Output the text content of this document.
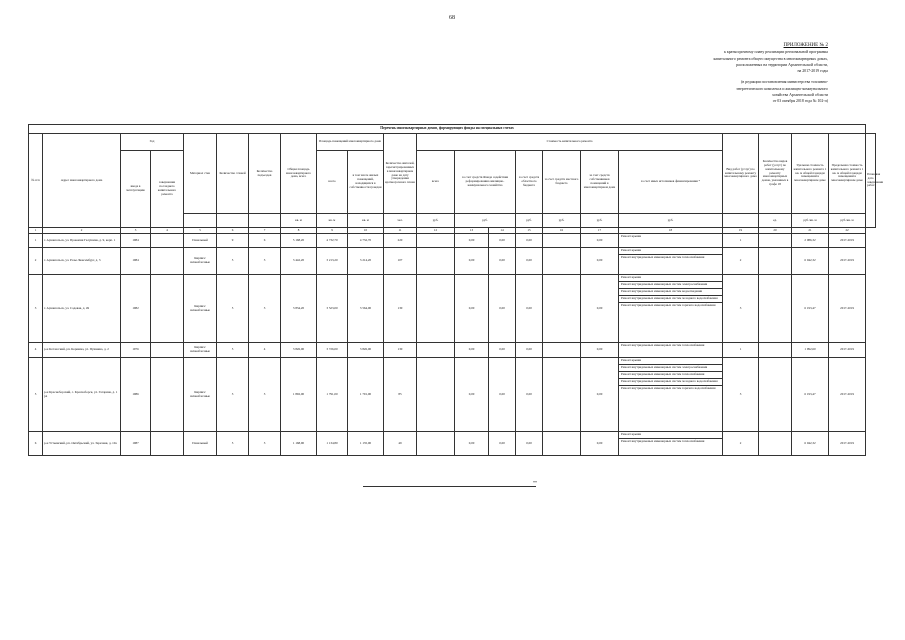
68
ПРИЛОЖЕНИЕ № 2
к краткосрочному плану реализации региональной программы
капитального ремонта общего имущества в многоквартирных домах,
расположенных на территории Архангельской области,
на 2017-2019 годы
(в редакции постановления министерства топливно-
энергетического комплекса и жилищно-коммунального
хозяйства Архангельской области
от 03 октября 2018 года № 102-п)
Перечень многоквартирных домов, формирующих фонды на специальных счетах																						
№ п/п	Адрес многоквартирного дома	Год		Материал стен	Количество этажей	Количество подъездов	Общая площадь многоквартирного дома, всего	Площадь помещений многоквартирного дома		Количество жителей, зарегистрированных в многоквартирном доме на дату утверждения краткосрочного плана	Стоимость капитального ремонта							Вид работ (услуг) по капитальному ремонту многоквартирного дома	Количество видов работ (услуг) по капитальному ремонту многоквартирных домов, указанных в графе 18	Удельная стоимость капитального ремонта 1 кв. м общей площади помещений в многоквартирном доме	Предельная стоимость капитального ремонта 1 кв. м общей площади помещений в многоквартирном доме	Плановая дата завершения работ
		ввода в эксплуатацию	завершения последнего капитального ремонта					всего	в том числе жилых помещений, находящихся в собственности граждан		всего	за счет средств Фонда содействия реформированию жилищно-коммунального хозяйства		за счет средств областного бюджета	за счет средств местного бюджета	за счет средств собственников помещений в многоквартирном доме	за счет иных источников финансирования *					
							кв. м	кв. м	кв. м	чел.	руб.	руб.		руб.	руб.	руб.	руб.		ед.	руб./кв. м	руб./кв. м	
1	2	3	4	5	6	7	8	9	10	11	12	13	14	15	16	17	18	19	20	21	22	
1	г. Архангельск, ул. Прокопия Галушина, д. 9, корп. 1	1984		Панельный	9	6	5 168,20	4 732,70	4 732,70	220		0,00	0,00	0,00		0,00	Ремонт крыши	1		2 086,32	2017-2019	
2	г. Архангельск, ул. Розы Люксембург, д. 3	1984		Кирпич/шлакоблочные	5	3	3 442,20	3 213,20	3 214,20	107		0,00	0,00	0,00		0,00	Ремонт крыши
Ремонт внутридомовых инженерных систем теплоснабжения	2		6 042,32	2017-2019	
3	г. Архангельск, ул. Садовая, д. 49	1982		Кирпич/шлакоблочные	5	3	3 834,20	3 523,00	3 564,00	130		0,00	0,00	0,00		0,00	Ремонт крыши
Ремонт внутридомовых инженерных систем электроснабжения
Ремонт внутридомовых инженерных систем водоотведения
Ремонт внутридомовых инженерных систем холодного водоснабжения
Ремонт внутридомовых инженерных систем горячего водоснабжения	3		6 193,47	2017-2019	
4	р-н Котласский, рп. Коряжма, ул. Пушкина, д. 2	1976		Кирпич/шлакоблочные	5	4	3 826,00	3 726,00	3 826,00	130		0,00	0,00	0,00		0,00	Ремонт внутридомовых инженерных систем теплоснабжения	1		1 992,60	2017-2019	
5	р-н Красноборский, с. Красноборск, ул. Гагарина, д. 1 (А	1986		Кирпич/шлакоблочные	3	3	1 892,00	1 791,00	1 791,00	85		0,00	0,00	0,00		0,00	Ремонт крыши
Ремонт внутридомовых инженерных систем электроснабжения
Ремонт внутридомовых инженерных систем теплоснабжения
Ремонт внутридомовых инженерных систем холодного водоснабжения
Ремонт внутридомовых инженерных систем горячего водоснабжения	3		6 193,47	2017-2019	
6	р-н Устьянский, рп. Октябрьский, ул. Заречная, д. 10а	1987		Панельный	5	3	1 168,90	1 134,80	1 135,00	49		0,00	0,00	0,00		0,00	Ремонт крыши
Ремонт внутридомовых инженерных систем теплоснабжения	2		6 042,32	2017-2019	
**
